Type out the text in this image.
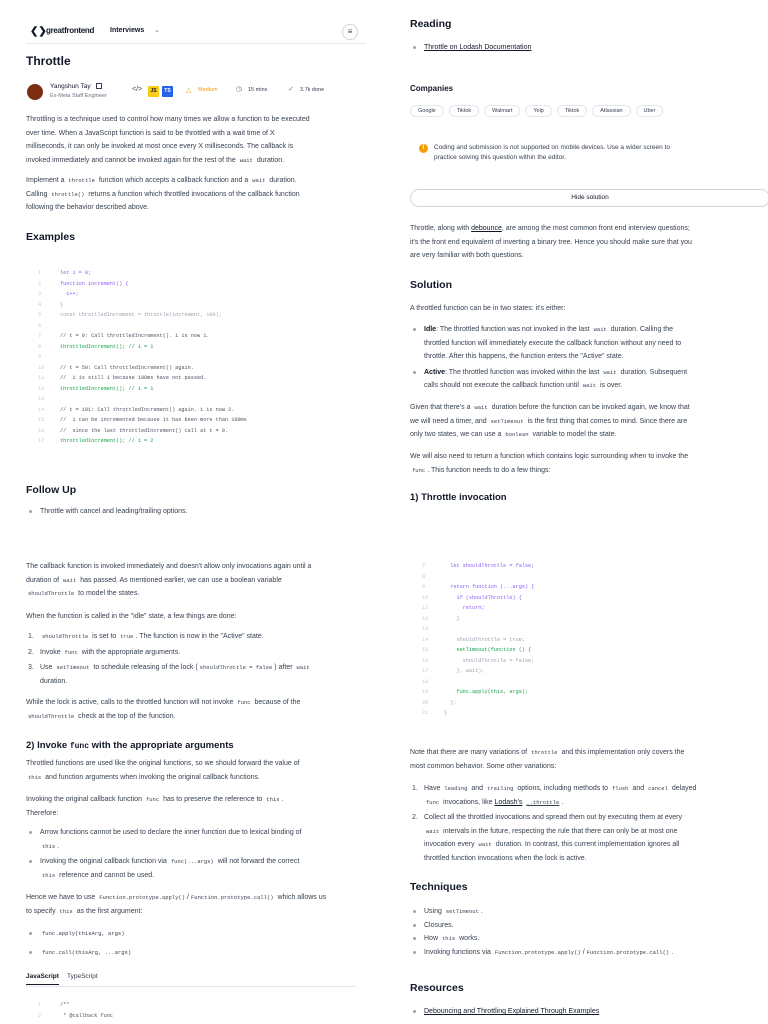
❮❯ greatfrontend Interviews ⌄	≡
Throttle
Yangshun Tay
Ex-Meta Staff Engineer
</>	JS	TS	△ Medium	◷ 15 mins	✓ 3.7k done

Throttling is a technique used to control how many times we allow a function to be executed
over time. When a JavaScript function is said to be throttled with a wait time of X
milliseconds, it can only be invoked at most once every X milliseconds. The callback is
invoked immediately and cannot be invoked again for the rest of the wait duration.

Implement a throttle function which accepts a callback function and a wait duration.
Calling throttle() returns a function which throttled invocations of the callback function
following the behavior described above.

Examples
1	let i = 0;
2	function increment() {
3	i++;
4	}
5	const throttledIncrement = throttle(increment, 100);
6
7	// t = 0: Call throttledIncrement(). i is now 1.
8	throttledIncrement(); // i = 1
9
10	// t = 50: Call throttledIncrement() again.
11	//  i is still 1 because 100ms have not passed.
12	throttledIncrement(); // i = 1
13
14	// t = 101: Call throttledIncrement() again. i is now 2.
15	//  i can be incremented because it has been more than 100ms
16	//  since the last throttledIncrement() call at t = 0.
17	throttledIncrement(); // i = 2
Follow Up
Throttle with cancel and leading/trailing options.

The callback function is invoked immediately and doesn't allow only invocations again until a
duration of wait has passed. As mentioned earlier, we can use a boolean variable
shouldThrottle to model the states.

When the function is called in the "idle" state, a few things are done:

1. shouldThrottle is set to true . The function is now in the "Active" state.
2. Invoke func with the appropriate arguments.
3. Use setTimeout to schedule releasing of the lock ( shouldThrottle = false ) after wait
duration.

While the lock is active, calls to the throttled function will not invoke func because of the
shouldThrottle check at the top of the function.

2) Invoke func with the appropriate arguments

Throttled functions are used like the original functions, so we should forward the value of
this and function arguments when invoking the original callback functions.

Invoking the original callback function func has to preserve the reference to this .
Therefore:

Arrow functions cannot be used to declare the inner function due to lexical binding of
this .
Invoking the original callback function via func(...args) will not forward the correct
this reference and cannot be used.

Hence we have to use Function.prototype.apply() / Function.prototype.call() which allows us
to specify this as the first argument:

func.apply(thisArg, args)
func.call(thisArg, ...args)
JavaScript TypeScript
1	/**
2	* @callback func
Reading
Throttle on Lodash Documentation
Companies
Google	Tiktok	Walmart	Yelp	Tiktok	Atlassian	Uber
!	Coding and submission is not supported on mobile devices. Use a wider screen to
practice solving this question within the editor.
Hide solution

Throttle, along with debounce, are among the most common front end interview questions;
it's the front end equivalent of inverting a binary tree. Hence you should make sure that you
are very familiar with both questions.

Solution

A throttled function can be in two states: it's either:

Idle: The throttled function was not invoked in the last wait duration. Calling the
throttled function will immediately execute the callback function without any need to
throttle. After this happens, the function enters the "Active" state.
Active: The throttled function was invoked within the last wait duration. Subsequent
calls should not execute the callback function until wait is over.

Given that there's a wait duration before the function can be invoked again, we know that
we will need a timer, and setTimeout is the first thing that comes to mind. Since there are
only two states, we can use a boolean variable to model the state.

We will also need to return a function which contains logic surrounding when to invoke the
func . This function needs to do a few things:

1) Throttle invocation
7	let shouldThrottle = false;
8
9	return function (...args) {
10	if (shouldThrottle) {
11	return;
12	}
13
14	shouldThrottle = true;
15	setTimeout(function () {
16	shouldThrottle = false;
17	}, wait);
18
19	func.apply(this, args);
20	};
21	}

Note that there are many variations of throttle and this implementation only covers the
most common behavior. Some other variations:

1. Have leading and trailing options, including methods to flush and cancel delayed
func invocations, like Lodash's _.throttle .
2. Collect all the throttled invocations and spread them out by executing them at every
wait intervals in the future, respecting the rule that there can only be at most one
invocation every wait duration. In contrast, this current implementation ignores all
throttled function invocations when the lock is active.
Techniques
Using setTimeout .
Closures.
How this works.
Invoking functions via Function.prototype.apply() / Function.prototype.call() .
Resources
Debouncing and Throttling Explained Through Examples
